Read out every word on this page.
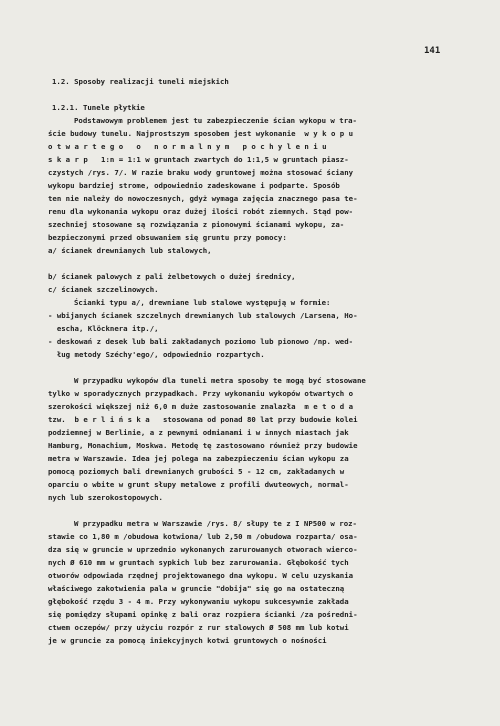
141
1.2. Sposoby realizacji tuneli miejskich
1.2.1. Tunele płytkie
Podstawowym problemem jest tu zabezpieczenie ścian wykopu w tra-
ście budowy tunelu. Najprostszym sposobem jest wykonanie  w y k o p u
o t w a r t e g o   o   n o r m a l n y m   p o c h y l e n i u
s k a r p   1:n = 1:1 w gruntach zwartych do 1:1,5 w gruntach piasz-
czystych /rys. 7/. W razie braku wody gruntowej można stosować ściany
wykopu bardziej strome, odpowiednio zadeskowane i podparte. Sposób
ten nie należy do nowoczesnych, gdyż wymaga zajęcia znacznego pasa te-
renu dla wykonania wykopu oraz dużej ilości robót ziemnych. Stąd pow-
szechniej stosowane są rozwiązania z pionowymi ścianami wykopu, za-
bezpieczonymi przed obsuwaniem się gruntu przy pomocy:
a/ ścianek drewnianych lub stalowych,
b/ ścianek palowych z pali żelbetowych o dużej średnicy,
c/ ścianek szczelinowych.
Ścianki typu a/, drewniane lub stalowe występują w formie:
- wbijanych ścianek szczelnych drewnianych lub stalowych /Larsena, Ho-
escha, Klöcknera itp./,
- deskowań z desek lub bali zakładanych poziomo lub pionowo /np. wed-
ług metody Széchy'ego/, odpowiednio rozpartych.
W przypadku wykopów dla tuneli metra sposoby te mogą być stosowane
tylko w sporadycznych przypadkach. Przy wykonaniu wykopów otwartych o
szerokości większej niż 6,0 m duże zastosowanie znalazła  m e t o d a
tzw.  b e r l i ń s k a   stosowana od ponad 80 lat przy budowie kolei
podziemnej w Berlinie, a z pewnymi odmianami i w innych miastach jak
Hamburg, Monachium, Moskwa. Metodę tę zastosowano również przy budowie
metra w Warszawie. Idea jej polega na zabezpieczeniu ścian wykopu za
pomocą poziomych bali drewnianych grubości 5 - 12 cm, zakładanych w
oparciu o wbite w grunt słupy metalowe z profili dwuteowych, normal-
nych lub szerokostopowych.
W przypadku metra w Warszawie /rys. 8/ słupy te z I NP500 w roz-
stawie co 1,80 m /obudowa kotwiona/ lub 2,50 m /obudowa rozparta/ osa-
dza się w gruncie w uprzednio wykonanych zarurowanych otworach wierco-
nych Ø 610 mm w gruntach sypkich lub bez zarurowania. Głębokość tych
otworów odpowiada rzędnej projektowanego dna wykopu. W celu uzyskania
właściwego zakotwienia pala w gruncie "dobija" się go na ostateczną
głębokość rzędu 3 - 4 m. Przy wykonywaniu wykopu sukcesywnie zakłada
się pomiędzy słupami opinkę z bali oraz rozpiera ścianki /za pośredni-
ctwem oczepów/ przy użyciu rozpór z rur stalowych Ø 508 mm lub kotwi
je w gruncie za pomocą iniekcyjnych kotwi gruntowych o nośności
